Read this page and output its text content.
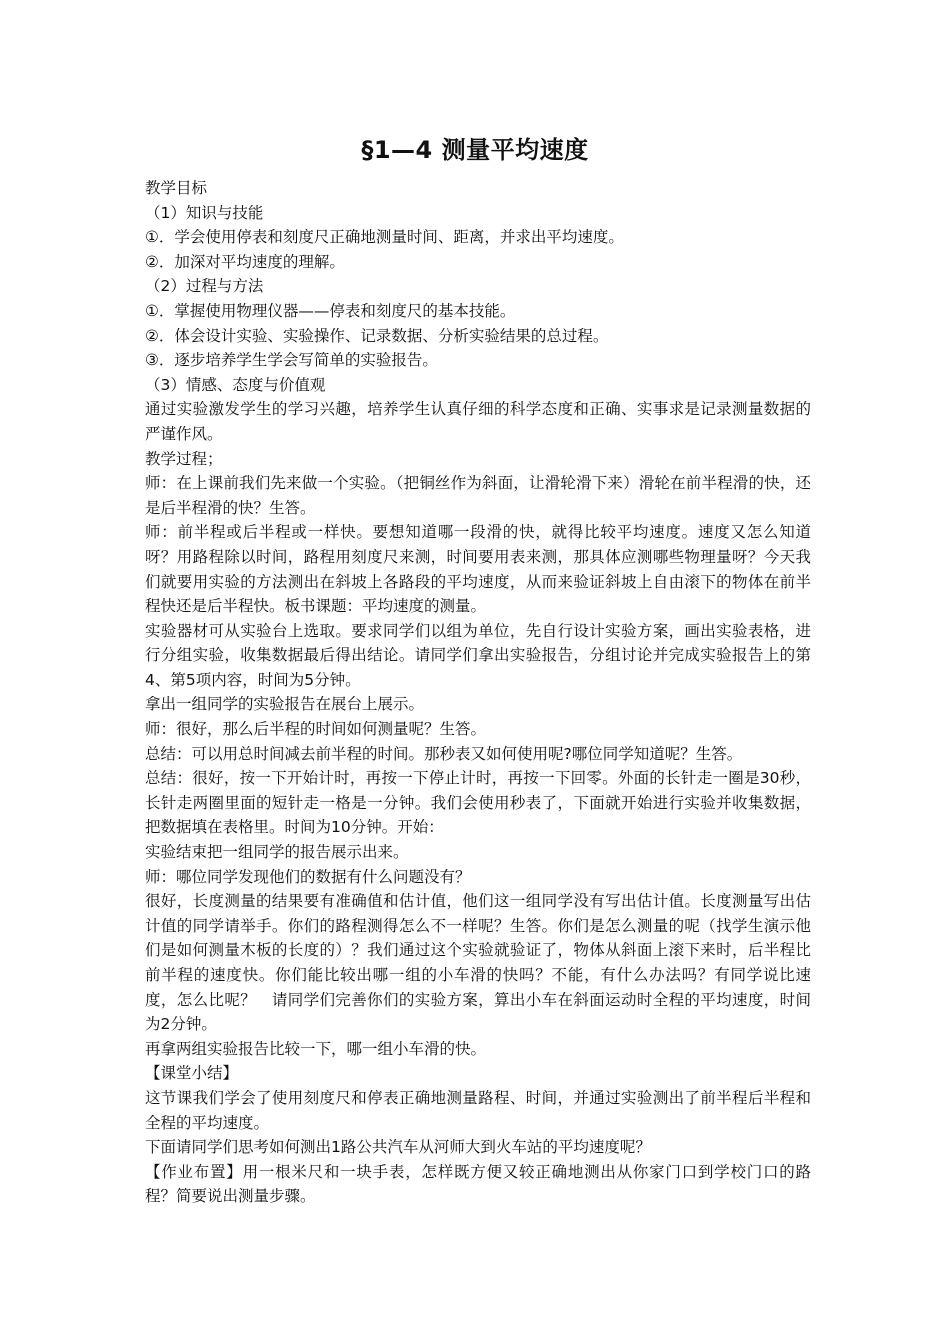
§1—4 测量平均速度

教学目标

（1）知识与技能

①．学会使用停表和刻度尺正确地测量时间、距离，并求出平均速度。

②．加深对平均速度的理解。

（2）过程与方法

①．掌握使用物理仪器——停表和刻度尺的基本技能。

②．体会设计实验、实验操作、记录数据、分析实验结果的总过程。

③．逐步培养学生学会写简单的实验报告。

（3）情感、态度与价值观

通过实验激发学生的学习兴趣，培养学生认真仔细的科学态度和正确、实事求是记录测量数据的严谨作风。

教学过程；

师：在上课前我们先来做一个实验。（把铜丝作为斜面，让滑轮滑下来）滑轮在前半程滑的快，还是后半程滑的快？生答。

师：前半程或后半程或一样快。要想知道哪一段滑的快，就得比较平均速度。速度又怎么知道呀？用路程除以时间，路程用刻度尺来测，时间要用表来测，那具体应测哪些物理量呀？今天我们就要用实验的方法测出在斜坡上各路段的平均速度，从而来验证斜坡上自由滚下的物体在前半程快还是后半程快。板书课题：平均速度的测量。

实验器材可从实验台上选取。要求同学们以组为单位，先自行设计实验方案，画出实验表格，进行分组实验，收集数据最后得出结论。请同学们拿出实验报告，分组讨论并完成实验报告上的第4、第5项内容，时间为5分钟。

拿出一组同学的实验报告在展台上展示。

师：很好，那么后半程的时间如何测量呢？生答。

总结：可以用总时间减去前半程的时间。那秒表又如何使用呢?哪位同学知道呢？生答。

总结：很好，按一下开始计时，再按一下停止计时，再按一下回零。外面的长针走一圈是30秒，长针走两圈里面的短针走一格是一分钟。我们会使用秒表了，下面就开始进行实验并收集数据，把数据填在表格里。时间为10分钟。开始：

实验结束把一组同学的报告展示出来。

师：哪位同学发现他们的数据有什么问题没有？

很好，长度测量的结果要有准确值和估计值，他们这一组同学没有写出估计值。长度测量写出估计值的同学请举手。你们的路程测得怎么不一样呢？生答。你们是怎么测量的呢（找学生演示他们是如何测量木板的长度的）？我们通过这个实验就验证了，物体从斜面上滚下来时，后半程比前半程的速度快。你们能比较出哪一组的小车滑的快吗？不能，有什么办法吗？有同学说比速度，怎么比呢？　请同学们完善你们的实验方案，算出小车在斜面运动时全程的平均速度，时间为2分钟。

再拿两组实验报告比较一下，哪一组小车滑的快。

【课堂小结】

这节课我们学会了使用刻度尺和停表正确地测量路程、时间，并通过实验测出了前半程后半程和全程的平均速度。

下面请同学们思考如何测出1路公共汽车从河师大到火车站的平均速度呢？

【作业布置】用一根米尺和一块手表，怎样既方便又较正确地测出从你家门口到学校门口的路程？简要说出测量步骤。
